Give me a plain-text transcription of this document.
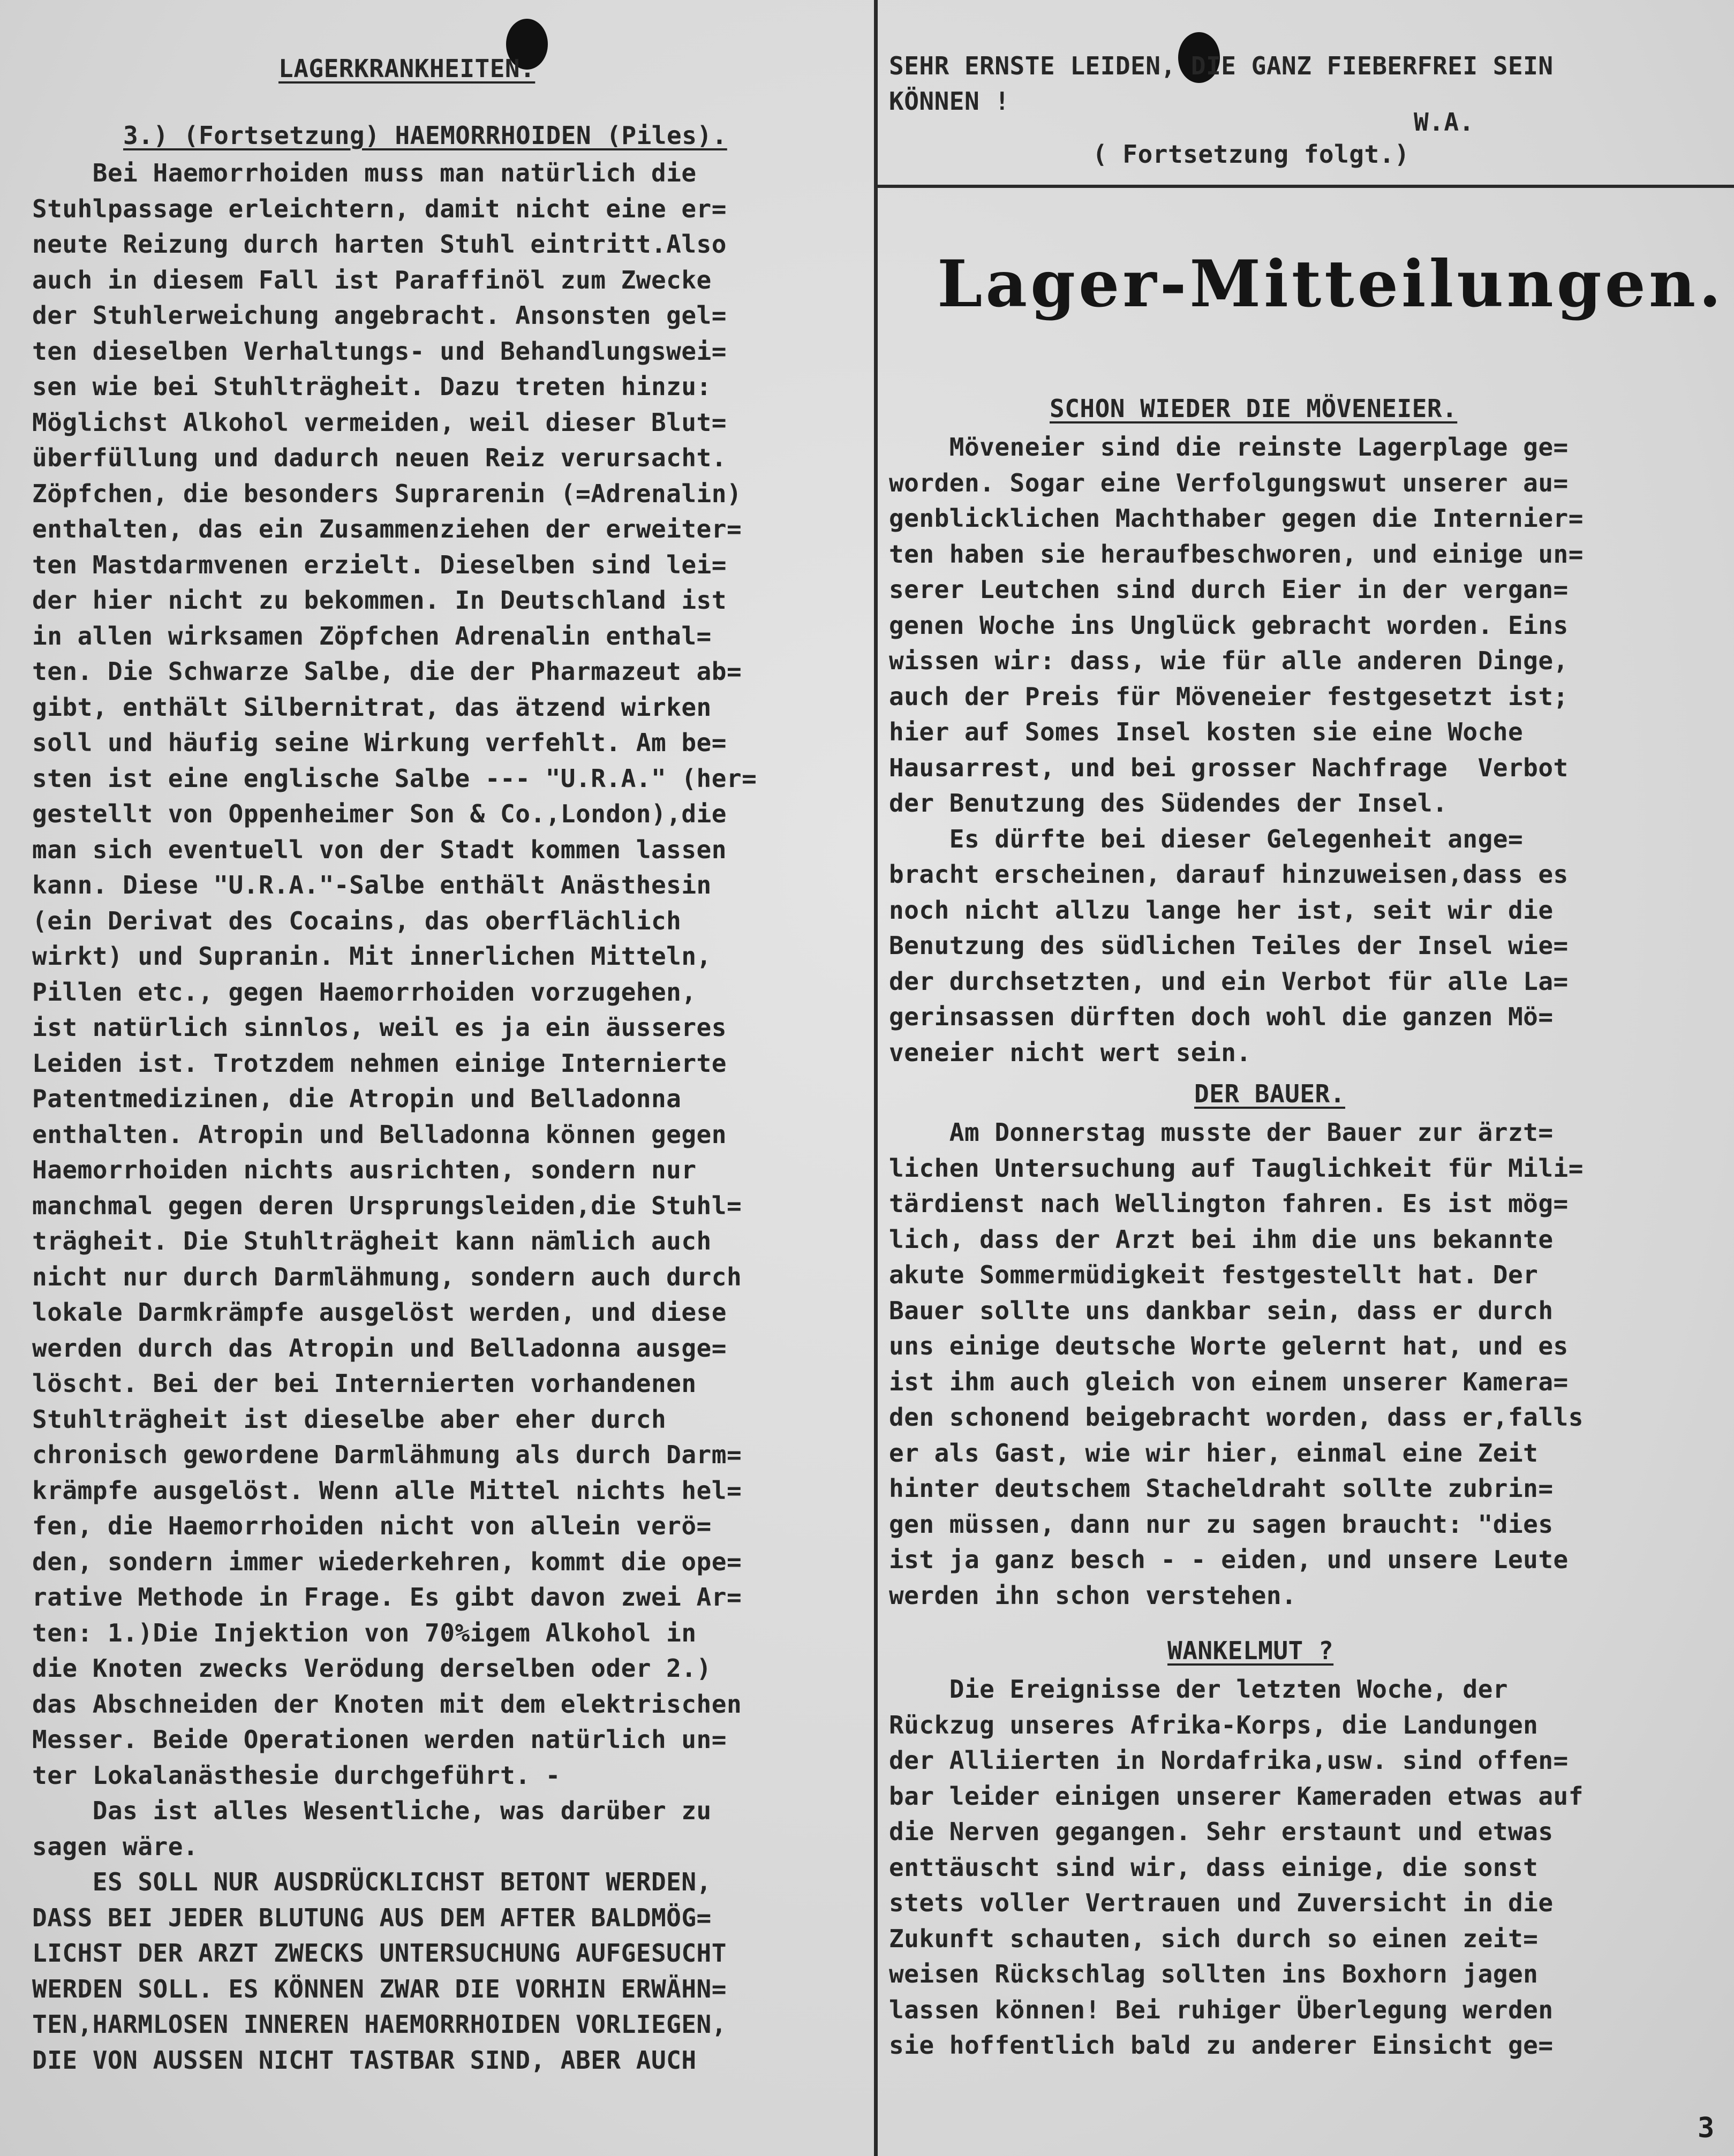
LAGERKRANKHEITEN.
3.) (Fortsetzung) HAEMORRHOIDEN (Piles).
Bei Haemorrhoiden muss man natürlich die
Stuhlpassage erleichtern, damit nicht eine er=
neute Reizung durch harten Stuhl eintritt.Also
auch in diesem Fall ist Paraffinöl zum Zwecke
der Stuhlerweichung angebracht. Ansonsten gel=
ten dieselben Verhaltungs- und Behandlungswei=
sen wie bei Stuhlträgheit. Dazu treten hinzu:
Möglichst Alkohol vermeiden, weil dieser Blut=
überfüllung und dadurch neuen Reiz verursacht.
Zöpfchen, die besonders Suprarenin (=Adrenalin)
enthalten, das ein Zusammenziehen der erweiter=
ten Mastdarmvenen erzielt. Dieselben sind lei=
der hier nicht zu bekommen. In Deutschland ist
in allen wirksamen Zöpfchen Adrenalin enthal=
ten. Die Schwarze Salbe, die der Pharmazeut ab=
gibt, enthält Silbernitrat, das ätzend wirken
soll und häufig seine Wirkung verfehlt. Am be=
sten ist eine englische Salbe --- "U.R.A." (her=
gestellt von Oppenheimer Son & Co.,London),die
man sich eventuell von der Stadt kommen lassen
kann. Diese "U.R.A."-Salbe enthält Anästhesin
(ein Derivat des Cocains, das oberflächlich
wirkt) und Supranin. Mit innerlichen Mitteln,
Pillen etc., gegen Haemorrhoiden vorzugehen,
ist natürlich sinnlos, weil es ja ein äusseres
Leiden ist. Trotzdem nehmen einige Internierte
Patentmedizinen, die Atropin und Belladonna
enthalten. Atropin und Belladonna können gegen
Haemorrhoiden nichts ausrichten, sondern nur
manchmal gegen deren Ursprungsleiden,die Stuhl=
trägheit. Die Stuhlträgheit kann nämlich auch
nicht nur durch Darmlähmung, sondern auch durch
lokale Darmkrämpfe ausgelöst werden, und diese
werden durch das Atropin und Belladonna ausge=
löscht. Bei der bei Internierten vorhandenen
Stuhlträgheit ist dieselbe aber eher durch
chronisch gewordene Darmlähmung als durch Darm=
krämpfe ausgelöst. Wenn alle Mittel nichts hel=
fen, die Haemorrhoiden nicht von allein verö=
den, sondern immer wiederkehren, kommt die ope=
rative Methode in Frage. Es gibt davon zwei Ar=
ten: 1.)Die Injektion von 70%igem Alkohol in
die Knoten zwecks Verödung derselben oder 2.)
das Abschneiden der Knoten mit dem elektrischen
Messer. Beide Operationen werden natürlich un=
ter Lokalanästhesie durchgeführt. -
Das ist alles Wesentliche, was darüber zu
sagen wäre.
ES SOLL NUR AUSDRÜCKLICHST BETONT WERDEN,
DASS BEI JEDER BLUTUNG AUS DEM AFTER BALDMÖG=
LICHST DER ARZT ZWECKS UNTERSUCHUNG AUFGESUCHT
WERDEN SOLL. ES KÖNNEN ZWAR DIE VORHIN ERWÄHN=
TEN,HARMLOSEN INNEREN HAEMORRHOIDEN VORLIEGEN,
DIE VON AUSSEN NICHT TASTBAR SIND, ABER AUCH
SEHR ERNSTE LEIDEN, DIE GANZ FIEBERFREI SEIN
KÖNNEN !
W.A.
( Fortsetzung folgt.)
Lager-Mitteilungen.
SCHON WIEDER DIE MÖVENEIER.
Möveneier sind die reinste Lagerplage ge=
worden. Sogar eine Verfolgungswut unserer au=
genblicklichen Machthaber gegen die Internier=
ten haben sie heraufbeschworen, und einige un=
serer Leutchen sind durch Eier in der vergan=
genen Woche ins Unglück gebracht worden. Eins
wissen wir: dass, wie für alle anderen Dinge,
auch der Preis für Möveneier festgesetzt ist;
hier auf Somes Insel kosten sie eine Woche
Hausarrest, und bei grosser Nachfrage  Verbot
der Benutzung des Südendes der Insel.
Es dürfte bei dieser Gelegenheit ange=
bracht erscheinen, darauf hinzuweisen,dass es
noch nicht allzu lange her ist, seit wir die
Benutzung des südlichen Teiles der Insel wie=
der durchsetzten, und ein Verbot für alle La=
gerinsassen dürften doch wohl die ganzen Mö=
veneier nicht wert sein.
DER BAUER.
Am Donnerstag musste der Bauer zur ärzt=
lichen Untersuchung auf Tauglichkeit für Mili=
tärdienst nach Wellington fahren. Es ist mög=
lich, dass der Arzt bei ihm die uns bekannte
akute Sommermüdigkeit festgestellt hat. Der
Bauer sollte uns dankbar sein, dass er durch
uns einige deutsche Worte gelernt hat, und es
ist ihm auch gleich von einem unserer Kamera=
den schonend beigebracht worden, dass er,falls
er als Gast, wie wir hier, einmal eine Zeit
hinter deutschem Stacheldraht sollte zubrin=
gen müssen, dann nur zu sagen braucht: "dies
ist ja ganz besch - - eiden, und unsere Leute
werden ihn schon verstehen.
WANKELMUT ?
Die Ereignisse der letzten Woche, der
Rückzug unseres Afrika-Korps, die Landungen
der Alliierten in Nordafrika,usw. sind offen=
bar leider einigen unserer Kameraden etwas auf
die Nerven gegangen. Sehr erstaunt und etwas
enttäuscht sind wir, dass einige, die sonst
stets voller Vertrauen und Zuversicht in die
Zukunft schauten, sich durch so einen zeit=
weisen Rückschlag sollten ins Boxhorn jagen
lassen können! Bei ruhiger Überlegung werden
sie hoffentlich bald zu anderer Einsicht ge=
3
